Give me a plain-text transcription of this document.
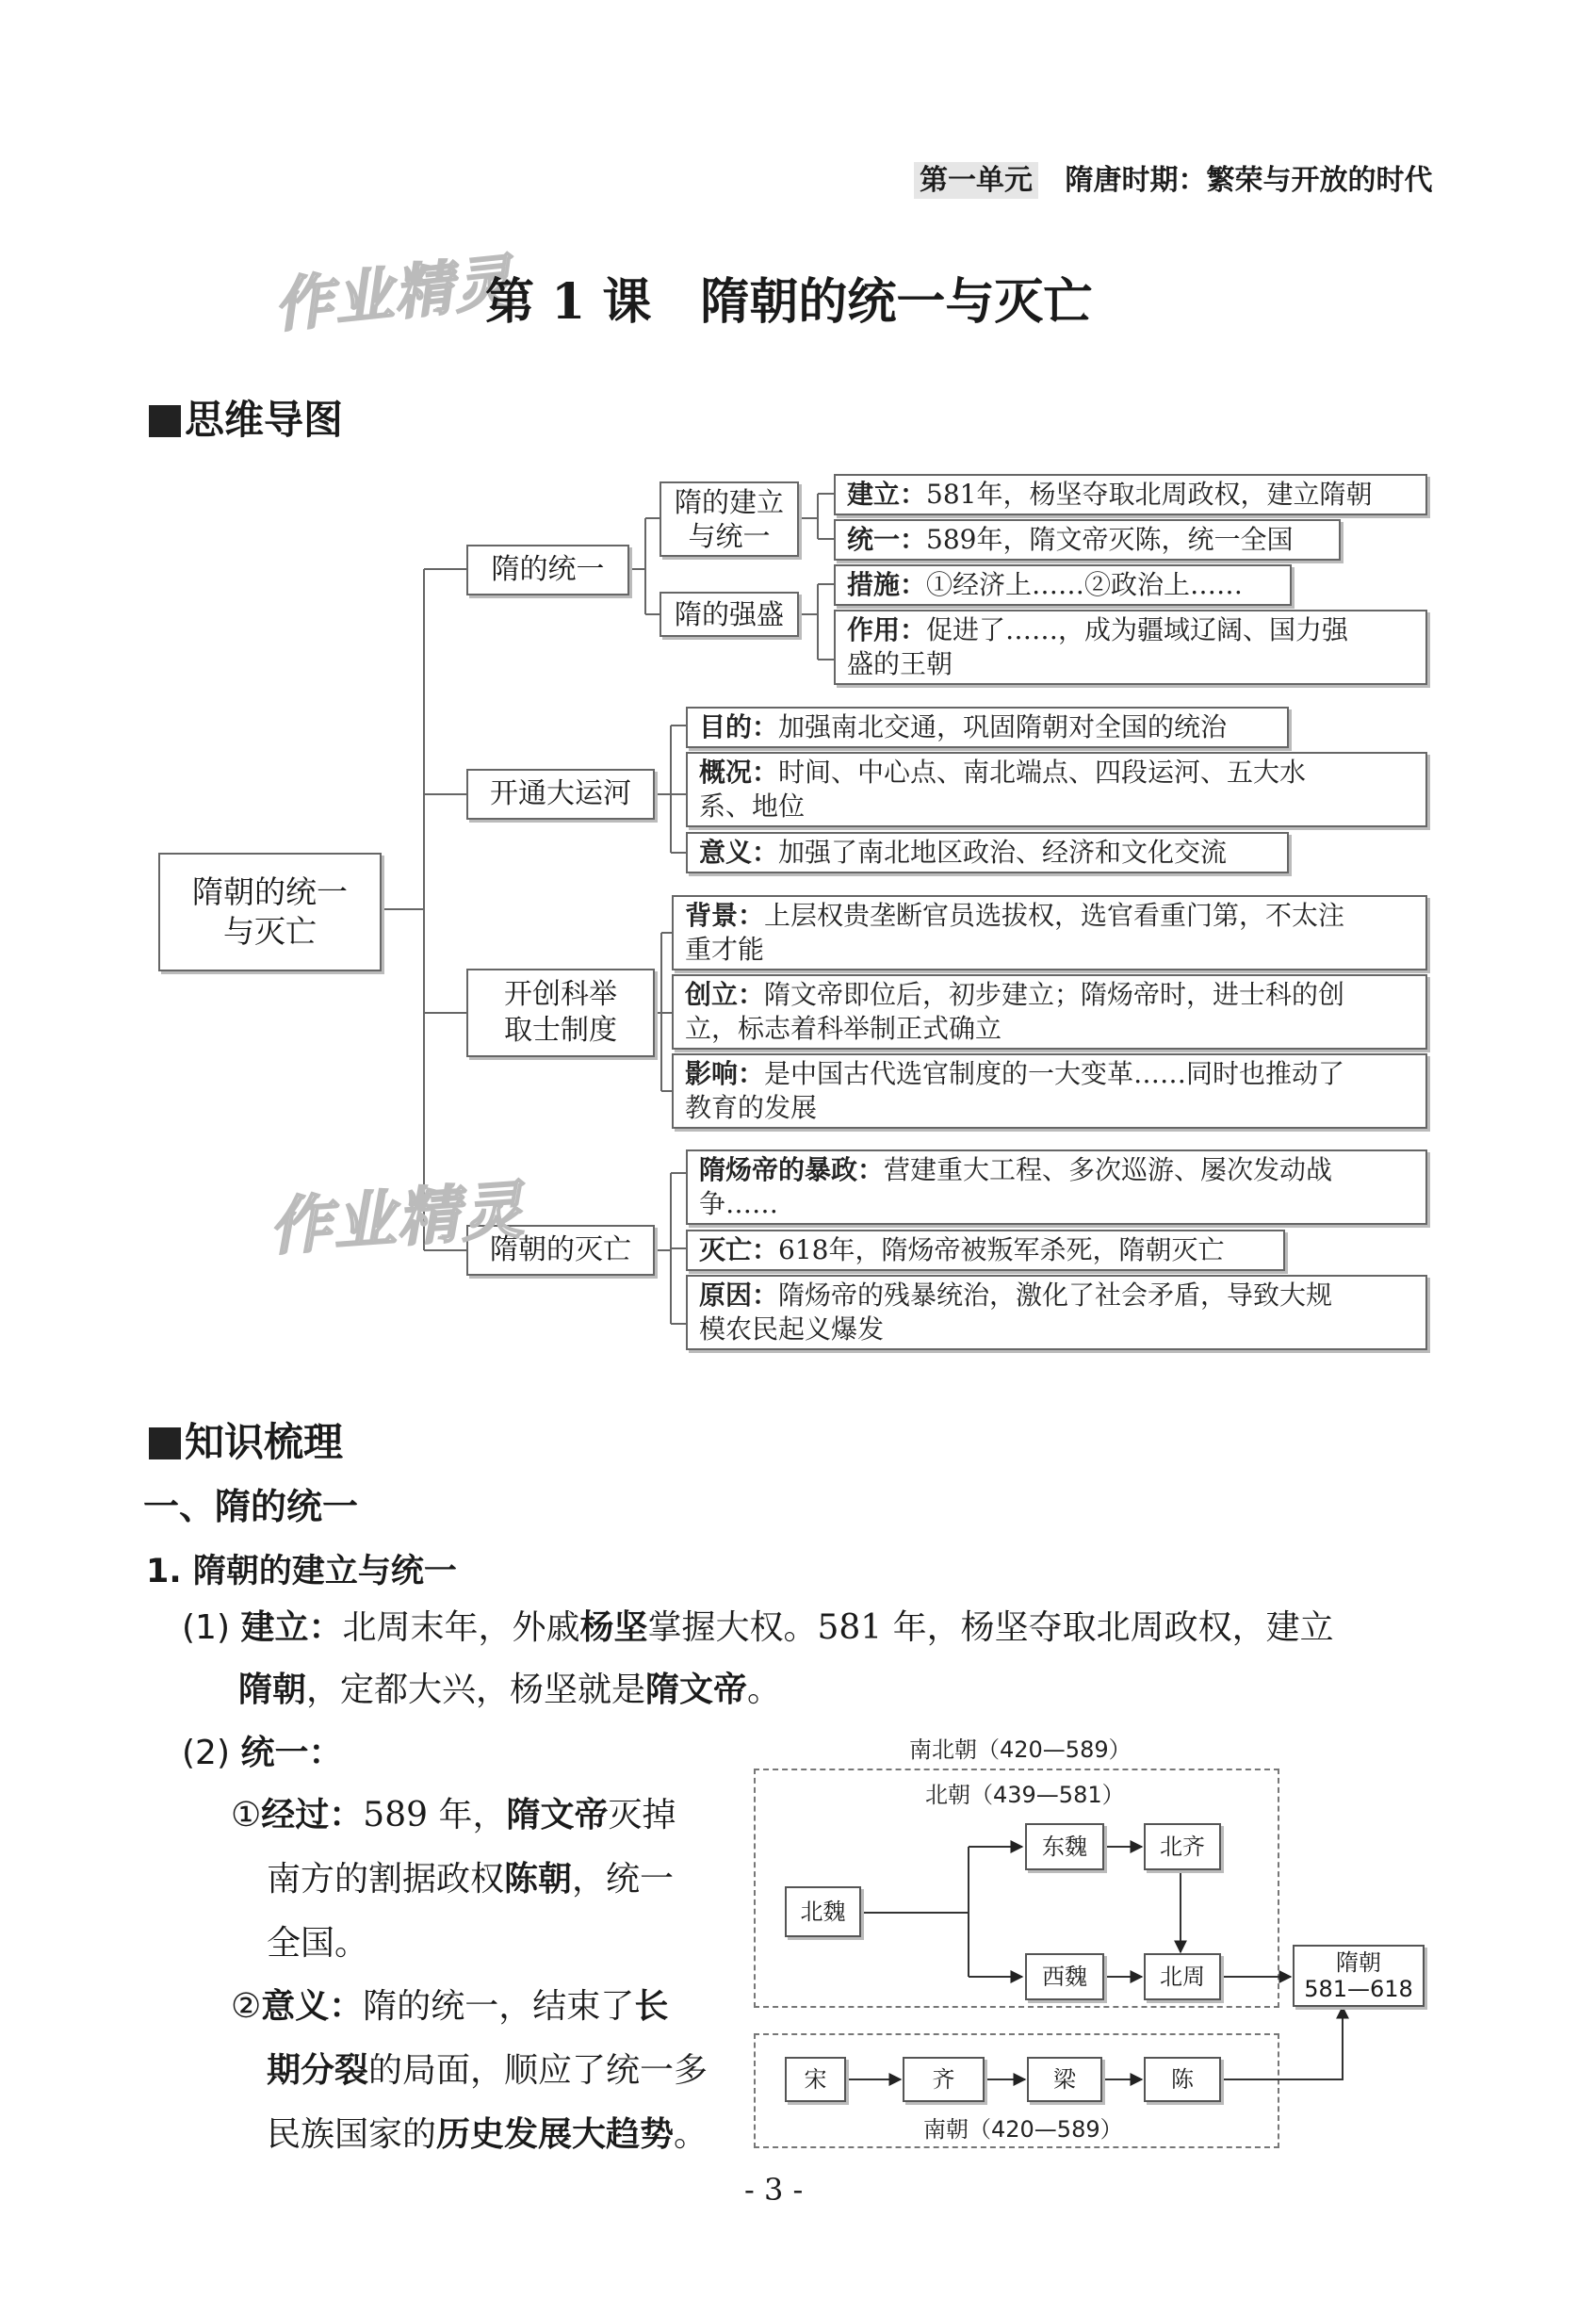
第一单元 隋唐时期：繁荣与开放的时代
作业精灵
第 1 课　隋朝的统一与灭亡
思维导图
隋朝的统一
与灭亡
隋的统一
隋的建立
与统一
隋的强盛
建立：581年，杨坚夺取北周政权，建立隋朝
统一：589年，隋文帝灭陈，统一全国
措施：①经济上……②政治上……
作用：促进了……，成为疆域辽阔、国力强
盛的王朝
开通大运河
目的：加强南北交通，巩固隋朝对全国的统治
概况：时间、中心点、南北端点、四段运河、五大水
系、地位
意义：加强了南北地区政治、经济和文化交流
开创科举
取士制度
背景：上层权贵垄断官员选拔权，选官看重门第，不太注
重才能
创立：隋文帝即位后，初步建立；隋炀帝时，进士科的创
立，标志着科举制正式确立
影响：是中国古代选官制度的一大变革……同时也推动了
教育的发展
隋朝的灭亡
隋炀帝的暴政：营建重大工程、多次巡游、屡次发动战
争……
灭亡：618年，隋炀帝被叛军杀死，隋朝灭亡
原因：隋炀帝的残暴统治，激化了社会矛盾，导致大规
模农民起义爆发
作业精灵
知识梳理
一、隋的统一
1. 隋朝的建立与统一
(1) 建立：北周末年，外戚杨坚掌握大权。581 年，杨坚夺取北周政权，建立
隋朝，定都大兴，杨坚就是隋文帝。
(2) 统一：
①经过：589 年，隋文帝灭掉
南方的割据政权陈朝，统一
全国。
②意义：隋的统一，结束了长
期分裂的局面，顺应了统一多
民族国家的历史发展大趋势。
南北朝（420—589）
北朝（439—581）
南朝（420—589）
北魏
东魏	北齐
西魏	北周
隋朝
581—618
宋	齐	梁	陈
- 3 -
